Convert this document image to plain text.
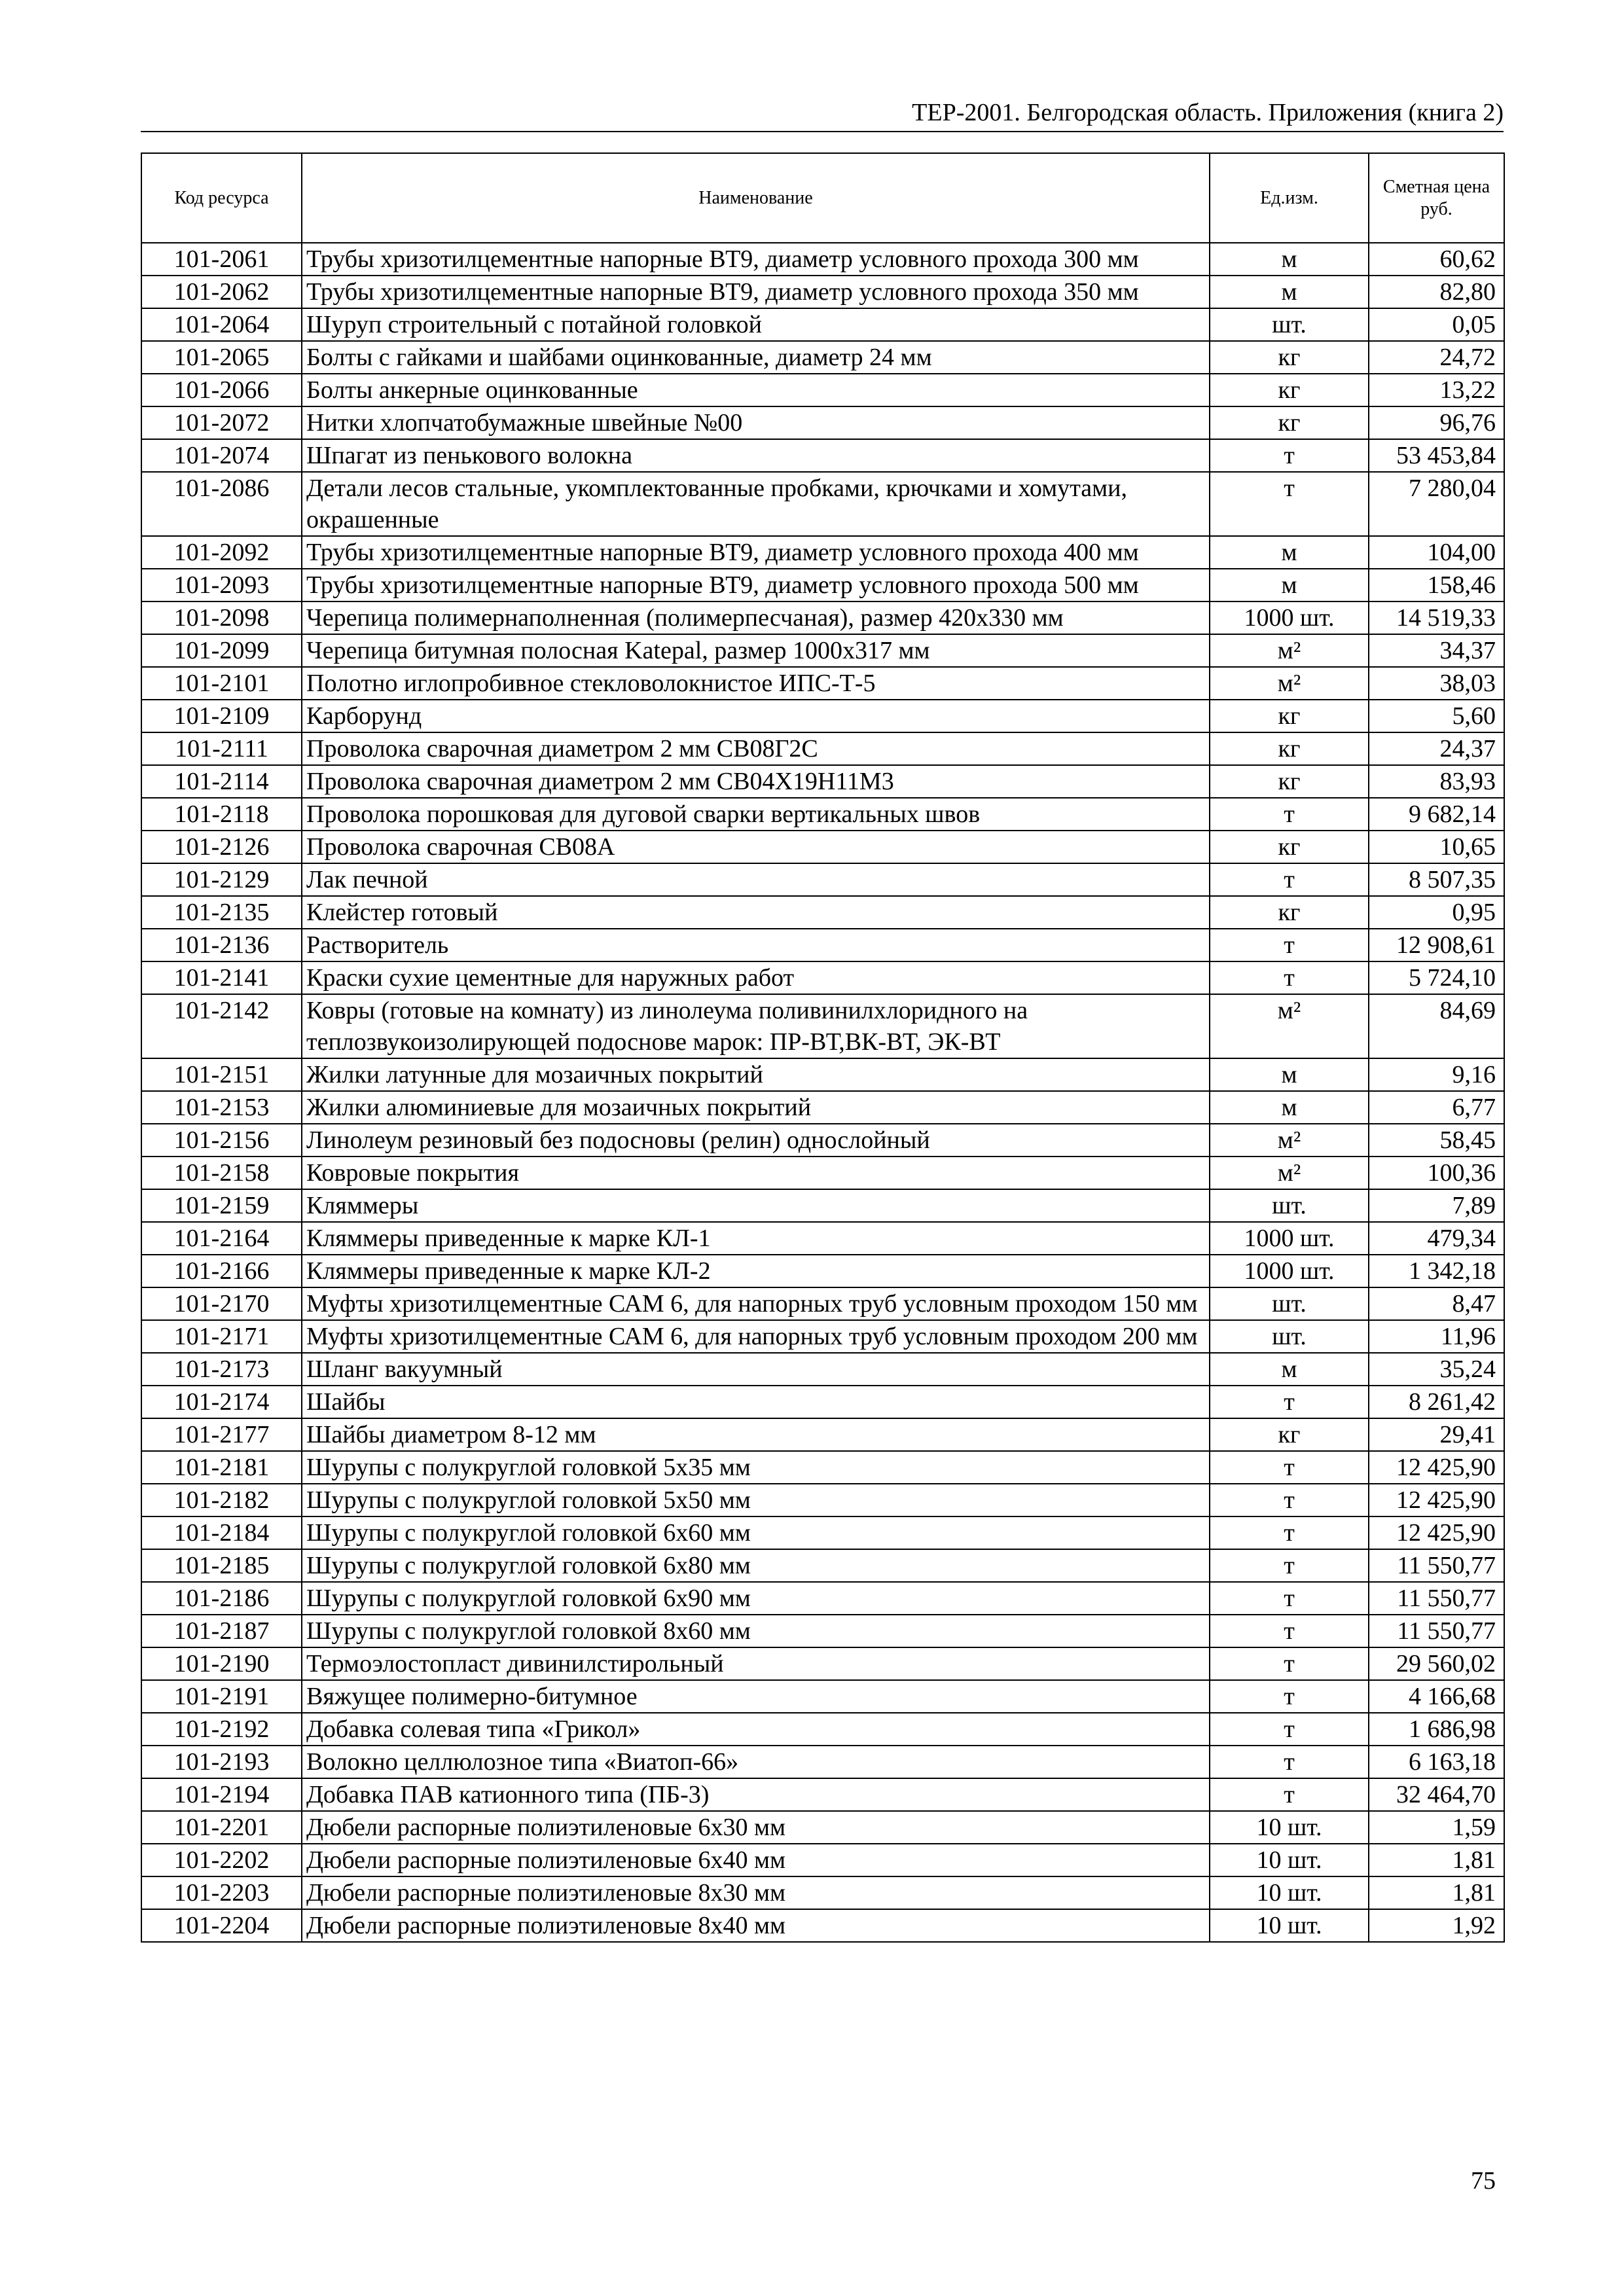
ТЕР-2001. Белгородская область. Приложения (книга 2)
Код ресурса	Наименование	Ед.изм.	Сметная цена руб.
101-2061	Трубы хризотилцементные напорные ВТ9, диаметр условного прохода 300 мм	м	60,62
101-2062	Трубы хризотилцементные напорные ВТ9, диаметр условного прохода 350 мм	м	82,80
101-2064	Шуруп строительный с потайной головкой	шт.	0,05
101-2065	Болты с гайками и шайбами оцинкованные, диаметр 24 мм	кг	24,72
101-2066	Болты анкерные оцинкованные	кг	13,22
101-2072	Нитки хлопчатобумажные швейные №00	кг	96,76
101-2074	Шпагат из пенькового волокна	т	53 453,84
101-2086	Детали лесов стальные, укомплектованные пробками, крючками и хомутами, окрашенные	т	7 280,04
101-2092	Трубы хризотилцементные напорные ВТ9, диаметр условного прохода 400 мм	м	104,00
101-2093	Трубы хризотилцементные напорные ВТ9, диаметр условного прохода 500 мм	м	158,46
101-2098	Черепица полимернаполненная (полимерпесчаная), размер 420х330 мм	1000 шт.	14 519,33
101-2099	Черепица битумная полосная Katepal, размер 1000х317 мм	м²	34,37
101-2101	Полотно иглопробивное стекловолокнистое ИПС-Т-5	м²	38,03
101-2109	Карборунд	кг	5,60
101-2111	Проволока сварочная диаметром 2 мм СВ08Г2С	кг	24,37
101-2114	Проволока сварочная диаметром 2 мм СВ04Х19Н11М3	кг	83,93
101-2118	Проволока порошковая для дуговой сварки вертикальных швов	т	9 682,14
101-2126	Проволока сварочная СВ08А	кг	10,65
101-2129	Лак печной	т	8 507,35
101-2135	Клейстер готовый	кг	0,95
101-2136	Растворитель	т	12 908,61
101-2141	Краски сухие цементные для наружных работ	т	5 724,10
101-2142	Ковры (готовые на комнату) из линолеума поливинилхлоридного на теплозвукоизолирующей подоснове марок: ПР-ВТ,ВК-ВТ, ЭК-ВТ	м²	84,69
101-2151	Жилки латунные для мозаичных покрытий	м	9,16
101-2153	Жилки алюминиевые для мозаичных покрытий	м	6,77
101-2156	Линолеум резиновый без подосновы (релин) однослойный	м²	58,45
101-2158	Ковровые покрытия	м²	100,36
101-2159	Кляммеры	шт.	7,89
101-2164	Кляммеры приведенные к марке КЛ-1	1000 шт.	479,34
101-2166	Кляммеры приведенные к марке КЛ-2	1000 шт.	1 342,18
101-2170	Муфты хризотилцементные САМ 6, для напорных труб условным проходом 150 мм	шт.	8,47
101-2171	Муфты хризотилцементные САМ 6, для напорных труб условным проходом 200 мм	шт.	11,96
101-2173	Шланг вакуумный	м	35,24
101-2174	Шайбы	т	8 261,42
101-2177	Шайбы диаметром 8-12 мм	кг	29,41
101-2181	Шурупы с полукруглой головкой 5х35 мм	т	12 425,90
101-2182	Шурупы с полукруглой головкой 5х50 мм	т	12 425,90
101-2184	Шурупы с полукруглой головкой 6х60 мм	т	12 425,90
101-2185	Шурупы с полукруглой головкой 6х80 мм	т	11 550,77
101-2186	Шурупы с полукруглой головкой 6х90 мм	т	11 550,77
101-2187	Шурупы с полукруглой головкой 8х60 мм	т	11 550,77
101-2190	Термоэлостопласт дивинилстирольный	т	29 560,02
101-2191	Вяжущее полимерно-битумное	т	4 166,68
101-2192	Добавка солевая типа «Грикол»	т	1 686,98
101-2193	Волокно целлюлозное типа «Виатоп-66»	т	6 163,18
101-2194	Добавка ПАВ катионного типа (ПБ-3)	т	32 464,70
101-2201	Дюбели распорные полиэтиленовые 6х30 мм	10 шт.	1,59
101-2202	Дюбели распорные полиэтиленовые 6х40 мм	10 шт.	1,81
101-2203	Дюбели распорные полиэтиленовые 8х30 мм	10 шт.	1,81
101-2204	Дюбели распорные полиэтиленовые 8х40 мм	10 шт.	1,92
75
